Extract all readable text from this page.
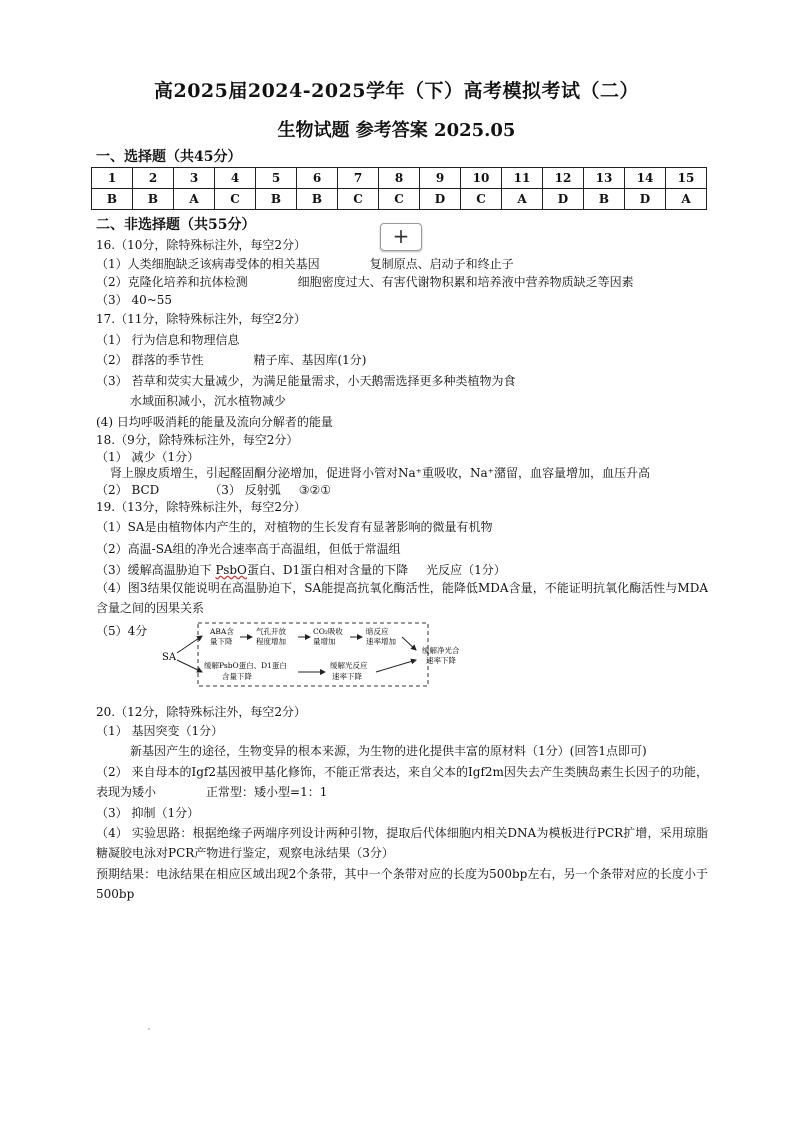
高2025届2024-2025学年（下）高考模拟考试（二）
生物试题 参考答案 2025.05
一、选择题（共45分）
1	2	3	4	5	6	7	8	9	10	11	12	13	14	15
B	B	A	C	B	B	C	C	D	C	A	D	B	D	A
二、非选择题（共55分）	+
16.（10分，除特殊标注外，每空2分）
（1）人类细胞缺乏该病毒受体的相关基因	复制原点、启动子和终止子
（2）克隆化培养和抗体检测	细胞密度过大、有害代谢物积累和培养液中营养物质缺乏等因素
（3） 40~55
17.（11分，除特殊标注外，每空2分）
（1） 行为信息和物理信息
（2） 群落的季节性	精子库、基因库(1分)
（3） 苔草和荧实大量减少，为满足能量需求，小天鹅需选择更多种类植物为食
水域面积减小，沉水植物减少
(4) 日均呼吸消耗的能量及流向分解者的能量
18.（9分，除特殊标注外，每空2分）
（1） 减少（1分）
肾上腺皮质增生，引起醛固酮分泌增加，促进肾小管对Na⁺重吸收，Na⁺潴留，血容量增加，血压升高
（2） BCD	（3） 反射弧 ③②①
19.（13分，除特殊标注外，每空2分）
（1）SA是由植物体内产生的，对植物的生长发育有显著影响的微量有机物
（2）高温-SA组的净光合速率高于高温组，但低于常温组
（3）缓解高温胁迫下 PsbO蛋白、D1蛋白相对含量的下降 光反应（1分）
（4）图3结果仅能说明在高温胁迫下，SA能提高抗氧化酶活性，能降低MDA含量，不能证明抗氧化酶活性与MDA含量之间的因果关系
（5）4分
SA
ABA含
量下降
气孔开放
程度增加
CO₂吸收
量增加
暗反应
速率增加
缓解PsbO蛋白、D1蛋白
含量下降
缓解光反应
速率下降
缓解净光合
速率下降
20.（12分，除特殊标注外，每空2分）
（1） 基因突变（1分）
新基因产生的途径，生物变异的根本来源，为生物的进化提供丰富的原材料（1分）(回答1点即可)
（2） 来自母本的Igf2基因被甲基化修饰，不能正常表达，来自父本的Igf2m因失去产生类胰岛素生长因子的功能，表现为矮小	正常型：矮小型=1：1
（3） 抑制（1分）
（4） 实验思路：根据绝缘子两端序列设计两种引物，提取后代体细胞内相关DNA为模板进行PCR扩增，采用琼脂糖凝胶电泳对PCR产物进行鉴定，观察电泳结果（3分）
预期结果：电泳结果在相应区域出现2个条带，其中一个条带对应的长度为500bp左右，另一个条带对应的长度小于500bp
